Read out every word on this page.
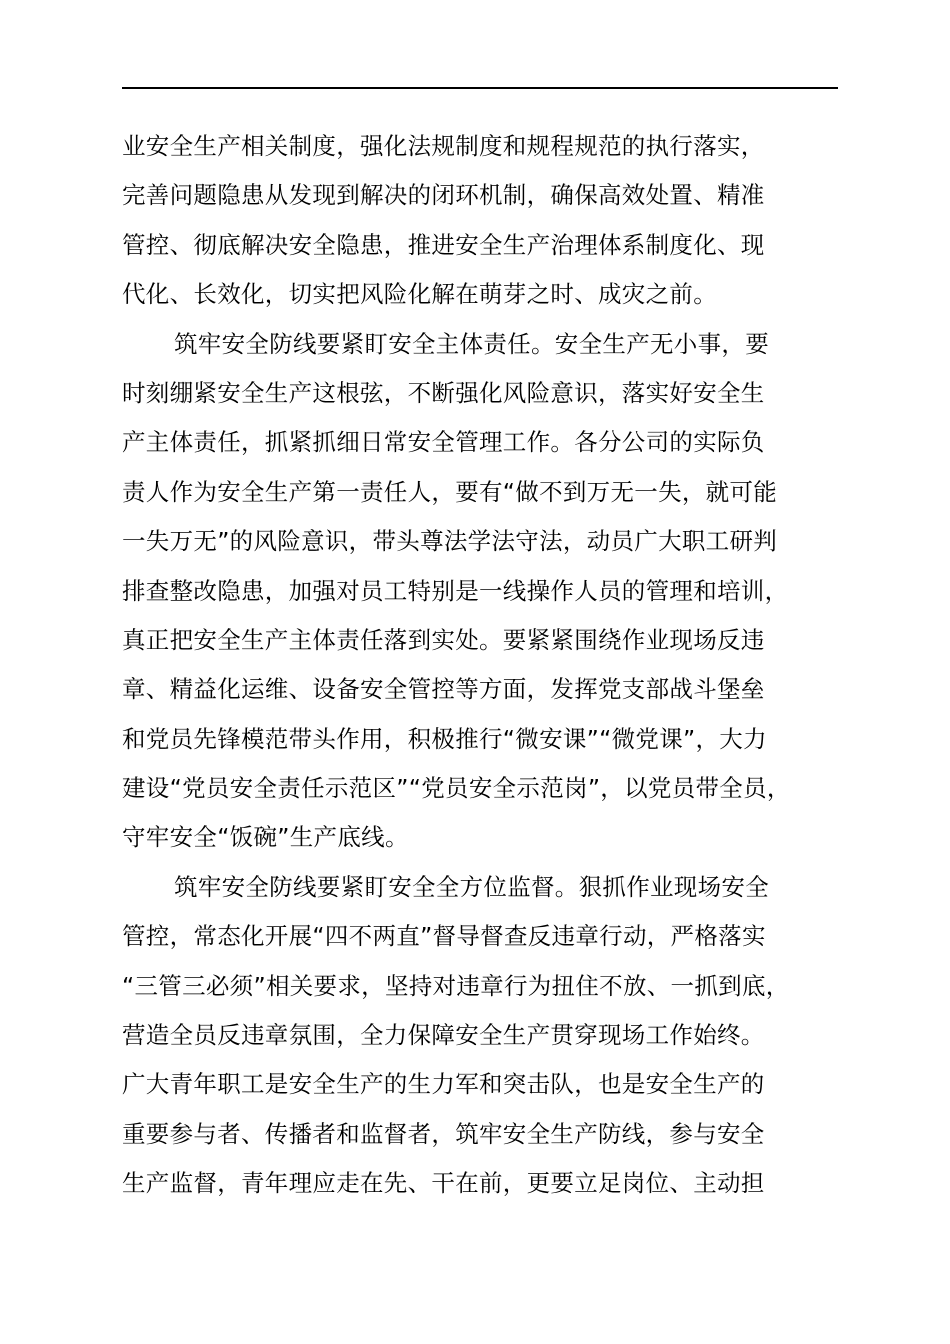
业安全生产相关制度，强化法规制度和规程规范的执行落实，
完善问题隐患从发现到解决的闭环机制，确保高效处置、精准
管控、彻底解决安全隐患，推进安全生产治理体系制度化、现
代化、长效化，切实把风险化解在萌芽之时、成灾之前。
筑牢安全防线要紧盯安全主体责任。安全生产无小事，要
时刻绷紧安全生产这根弦，不断强化风险意识，落实好安全生
产主体责任，抓紧抓细日常安全管理工作。各分公司的实际负
责人作为安全生产第一责任人，要有“做不到万无一失，就可能
一失万无”的风险意识，带头尊法学法守法，动员广大职工研判
排查整改隐患，加强对员工特别是一线操作人员的管理和培训，
真正把安全生产主体责任落到实处。要紧紧围绕作业现场反违
章、精益化运维、设备安全管控等方面，发挥党支部战斗堡垒
和党员先锋模范带头作用，积极推行“微安课”“微党课”，大力
建设“党员安全责任示范区”“党员安全示范岗”，以党员带全员，
守牢安全“饭碗”生产底线。
筑牢安全防线要紧盯安全全方位监督。狠抓作业现场安全
管控，常态化开展“四不两直”督导督查反违章行动，严格落实
“三管三必须”相关要求，坚持对违章行为扭住不放、一抓到底，
营造全员反违章氛围，全力保障安全生产贯穿现场工作始终。
广大青年职工是安全生产的生力军和突击队，也是安全生产的
重要参与者、传播者和监督者，筑牢安全生产防线，参与安全
生产监督，青年理应走在先、干在前，更要立足岗位、主动担
